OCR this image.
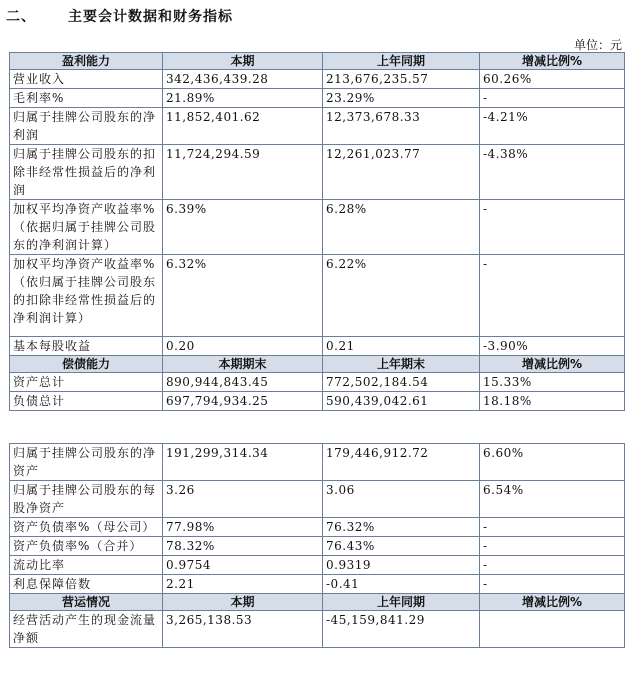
二、 主要会计数据和财务指标
单位：元
盈利能力	本期	上年同期	增减比例%
营业收入	342,436,439.28	213,676,235.57	60.26%
毛利率%	21.89%	23.29%	-
归属于挂牌公司股东的净利润	11,852,401.62	12,373,678.33	-4.21%
归属于挂牌公司股东的扣除非经常性损益后的净利润	11,724,294.59	12,261,023.77	-4.38%
加权平均净资产收益率%（依据归属于挂牌公司股东的净利润计算）	6.39%	6.28%	-
加权平均净资产收益率%（依归属于挂牌公司股东的扣除非经常性损益后的净利润计算）	6.32%	6.22%	-
基本每股收益	0.20	0.21	-3.90%
偿债能力	本期期末	上年期末	增减比例%
资产总计	890,944,843.45	772,502,184.54	15.33%
负债总计	697,794,934.25	590,439,042.61	18.18%
归属于挂牌公司股东的净资产	191,299,314.34	179,446,912.72	6.60%
归属于挂牌公司股东的每股净资产	3.26	3.06	6.54%
资产负债率%（母公司）	77.98%	76.32%	-
资产负债率%（合并）	78.32%	76.43%	-
流动比率	0.9754	0.9319	-
利息保障倍数	2.21	-0.41	-
营运情况	本期	上年同期	增减比例%
经营活动产生的现金流量净额	3,265,138.53	-45,159,841.29	
